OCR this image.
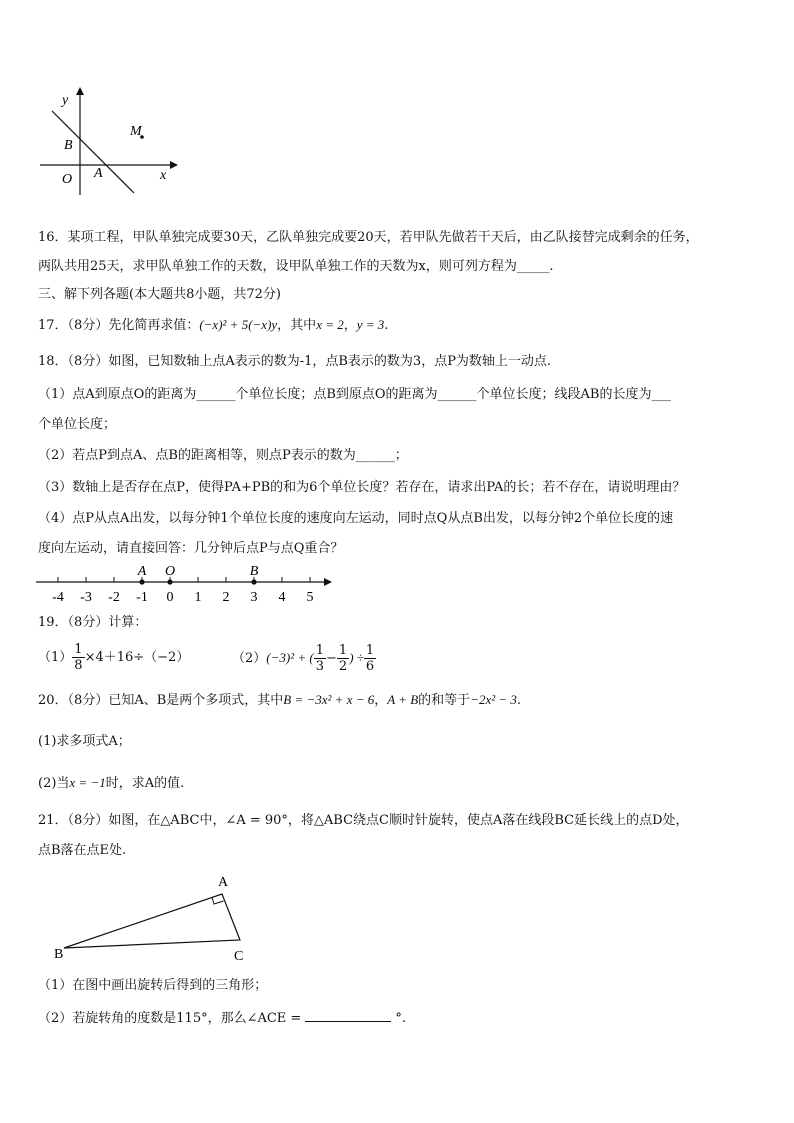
y
x
B
O A
M
16．某项工程，甲队单独完成要30天，乙队单独完成要20天，若甲队先做若干天后，由乙队接替完成剩余的任务，
两队共用25天，求甲队单独工作的天数，设甲队单独工作的天数为x，则可列方程为_____.
三、解下列各题(本大题共8小题，共72分)
17．（8分）先化简再求值：(−x)² + 5(−x)y，其中x = 2，y = 3.
18．（8分）如图，已知数轴上点A表示的数为-1，点B表示的数为3，点P为数轴上一动点.
（1）点A到原点O的距离为______个单位长度；点B到原点O的距离为______个单位长度；线段AB的长度为___
个单位长度；
（2）若点P到点A、点B的距离相等，则点P表示的数为______；
（3）数轴上是否存在点P，使得PA+PB的和为6个单位长度？若存在，请求出PA的长；若不存在，请说明理由？
（4）点P从点A出发，以每分钟1个单位长度的速度向左运动，同时点Q从点B出发，以每分钟2个单位长度的速
度向左运动，请直接回答：几分钟后点P与点Q重合？
-4 -3 -2 -1 0 1 2 3 4 5
A O	B
19．（8分）计算：
$(1) \frac{1}{8} \times 4+16\div(-2)$	（2）(−3)² + ( $\frac{1}{3} - \frac{1}{2}$ ) ÷ $\frac{1}{6}$
20．（8分）已知A、B是两个多项式，其中B = −3x² + x − 6，A + B的和等于−2x² − 3.
(1)求多项式A；
(2)当x = −1时，求A的值.
21．（8分）如图，在△ABC中，∠A = 90°，将△ABC绕点C顺时针旋转，使点A落在线段BC延长线上的点D处，
点B落在点E处.
A
B	C
（1）在图中画出旋转后得到的三角形；
（2）若旋转角的度数是115°，那么∠ACE =	°.
